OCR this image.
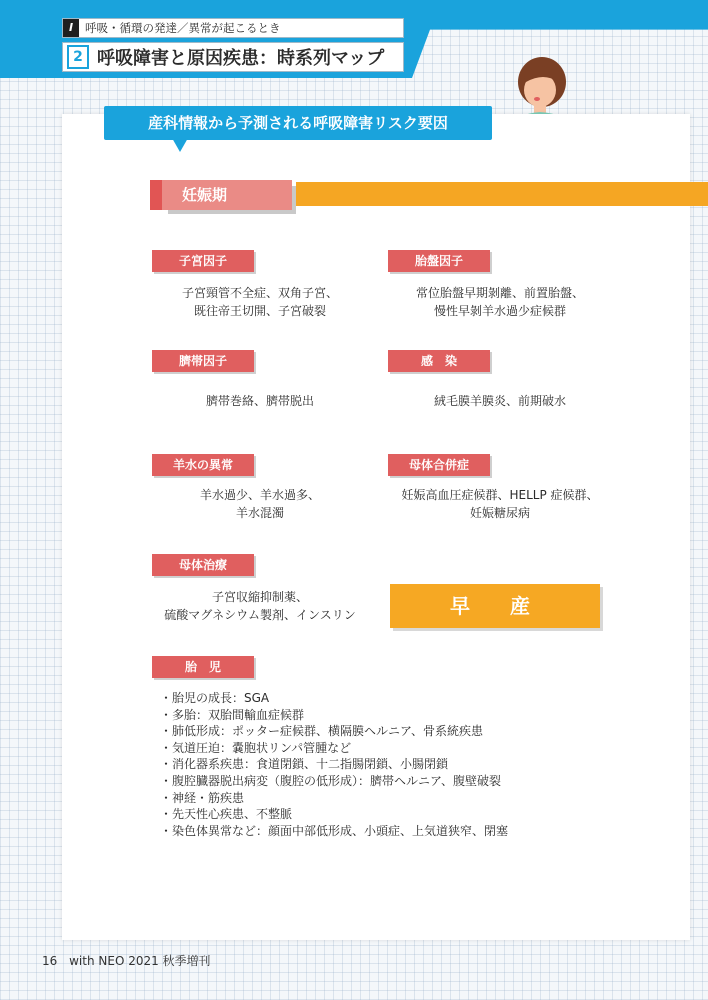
I	呼吸・循環の発達／異常が起こるとき
2 呼吸障害と原因疾患：時系列マップ
産科情報から予測される呼吸障害リスク要因
妊娠期
子宮因子
子宮頸管不全症、双角子宮、
既往帝王切開、子宮破裂
胎盤因子
常位胎盤早期剝離、前置胎盤、
慢性早剝羊水過少症候群
臍帯因子
臍帯巻絡、臍帯脱出
感　染
絨毛膜羊膜炎、前期破水
羊水の異常
羊水過少、羊水過多、
羊水混濁
母体合併症
妊娠高血圧症候群、HELLP 症候群、
妊娠糖尿病
母体治療
子宮収縮抑制薬、
硫酸マグネシウム製剤、インスリン	早　産
胎　児
・胎児の成長：SGA
・多胎：双胎間輸血症候群
・肺低形成：ポッター症候群、横隔膜ヘルニア、骨系統疾患
・気道圧迫：嚢胞状リンパ管腫など
・消化器系疾患：食道閉鎖、十二指腸閉鎖、小腸閉鎖
・腹腔臓器脱出病変（腹腔の低形成）：臍帯ヘルニア、腹壁破裂
・神経・筋疾患
・先天性心疾患、不整脈
・染色体異常など：顔面中部低形成、小頭症、上気道狭窄、閉塞
16 with NEO 2021 秋季増刊
